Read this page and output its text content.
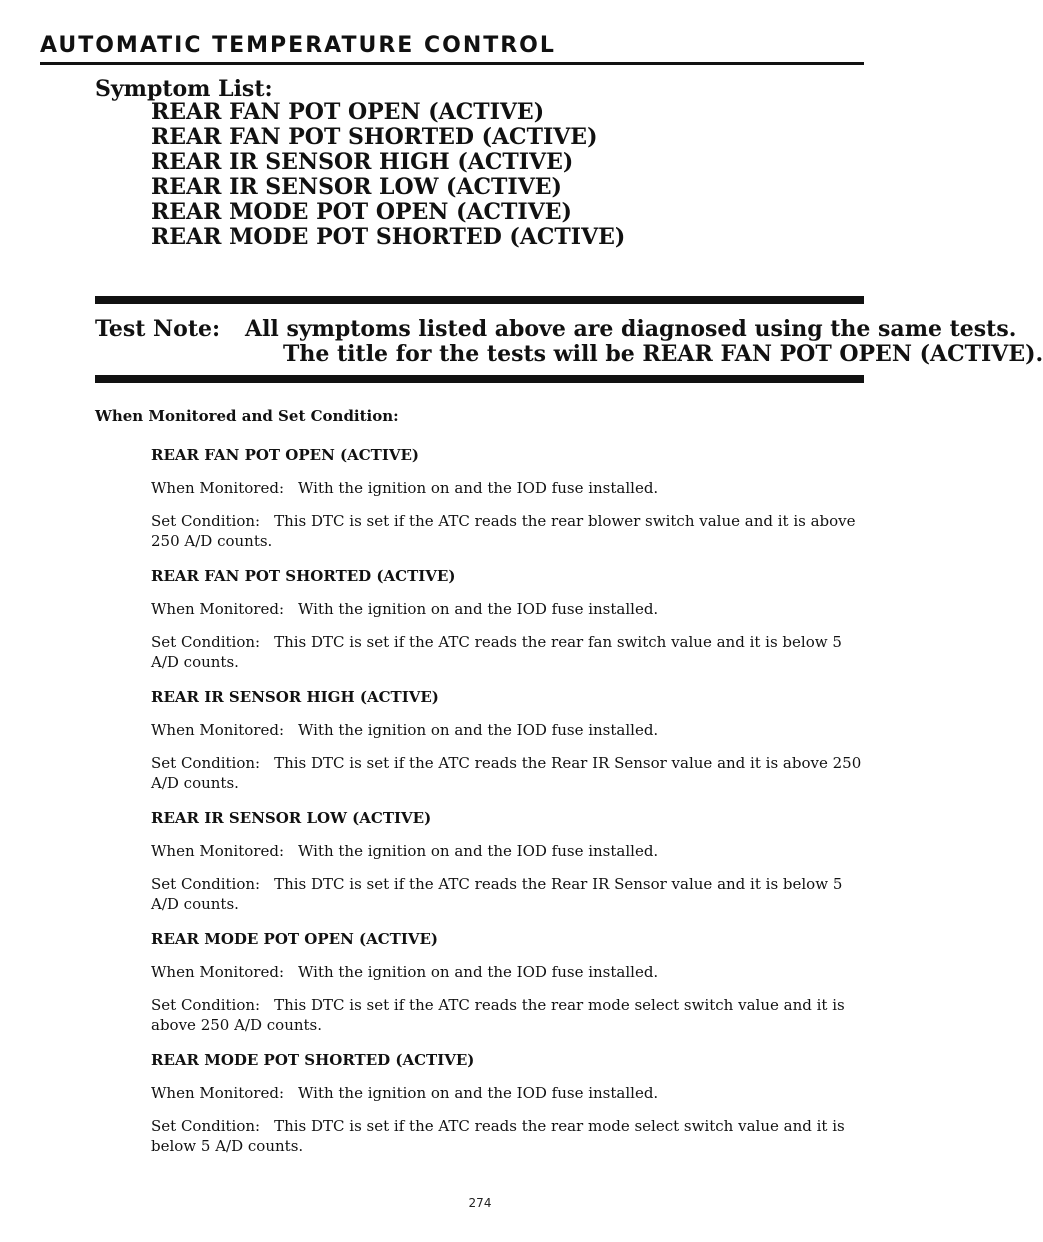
AUTOMATIC TEMPERATURE CONTROL
Symptom List:
REAR FAN POT OPEN (ACTIVE)
REAR FAN POT SHORTED (ACTIVE)
REAR IR SENSOR HIGH (ACTIVE)
REAR IR SENSOR LOW (ACTIVE)
REAR MODE POT OPEN (ACTIVE)
REAR MODE POT SHORTED (ACTIVE)
Test Note: All symptoms listed above are diagnosed using the same tests.
The title for the tests will be REAR FAN POT OPEN (ACTIVE).
When Monitored and Set Condition:
REAR FAN POT OPEN (ACTIVE)
When Monitored: With the ignition on and the IOD fuse installed.
Set Condition: This DTC is set if the ATC reads the rear blower switch value and it is above 250 A/D counts.
REAR FAN POT SHORTED (ACTIVE)
When Monitored: With the ignition on and the IOD fuse installed.
Set Condition: This DTC is set if the ATC reads the rear fan switch value and it is below 5 A/D counts.
REAR IR SENSOR HIGH (ACTIVE)
When Monitored: With the ignition on and the IOD fuse installed.
Set Condition: This DTC is set if the ATC reads the Rear IR Sensor value and it is above 250 A/D counts.
REAR IR SENSOR LOW (ACTIVE)
When Monitored: With the ignition on and the IOD fuse installed.
Set Condition: This DTC is set if the ATC reads the Rear IR Sensor value and it is below 5 A/D counts.
REAR MODE POT OPEN (ACTIVE)
When Monitored: With the ignition on and the IOD fuse installed.
Set Condition: This DTC is set if the ATC reads the rear mode select switch value and it is above 250 A/D counts.
REAR MODE POT SHORTED (ACTIVE)
When Monitored: With the ignition on and the IOD fuse installed.
Set Condition: This DTC is set if the ATC reads the rear mode select switch value and it is below 5 A/D counts.
274
